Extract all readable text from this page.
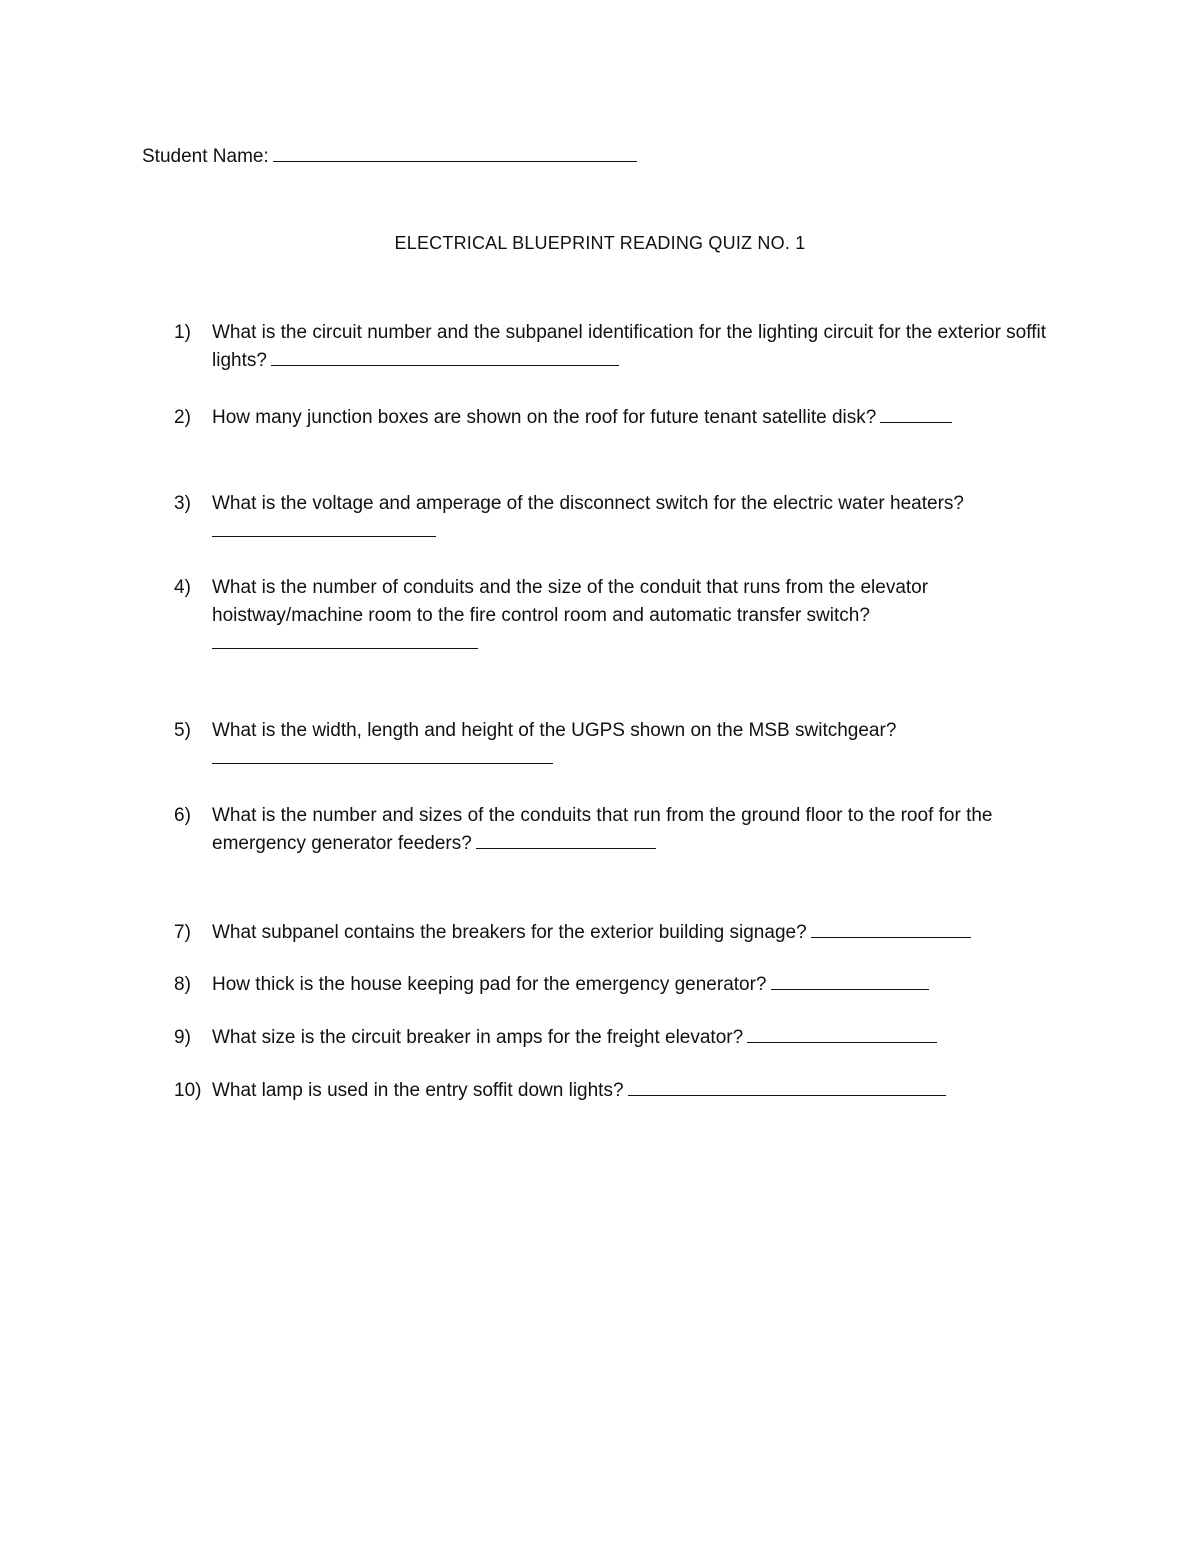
Student Name:
ELECTRICAL BLUEPRINT READING QUIZ NO. 1
1)	What is the circuit number and the subpanel identification for the lighting circuit for the exterior soffit lights?
2)	How many junction boxes are shown on the roof for future tenant satellite disk?
3)	What is the voltage and amperage of the disconnect switch for the electric water heaters?
4)	What is the number of conduits and the size of the conduit that runs from the elevator hoistway/machine room to the fire control room and automatic transfer switch?
5)	What is the width, length and height of the UGPS shown on the MSB switchgear?
6)	What is the number and sizes of the conduits that run from the ground floor to the roof for the emergency generator feeders?
7)	What subpanel contains the breakers for the exterior building signage?
8)	How thick is the house keeping pad for the emergency generator?
9)	What size is the circuit breaker in amps for the freight elevator?
10) What lamp is used in the entry soffit down lights?
